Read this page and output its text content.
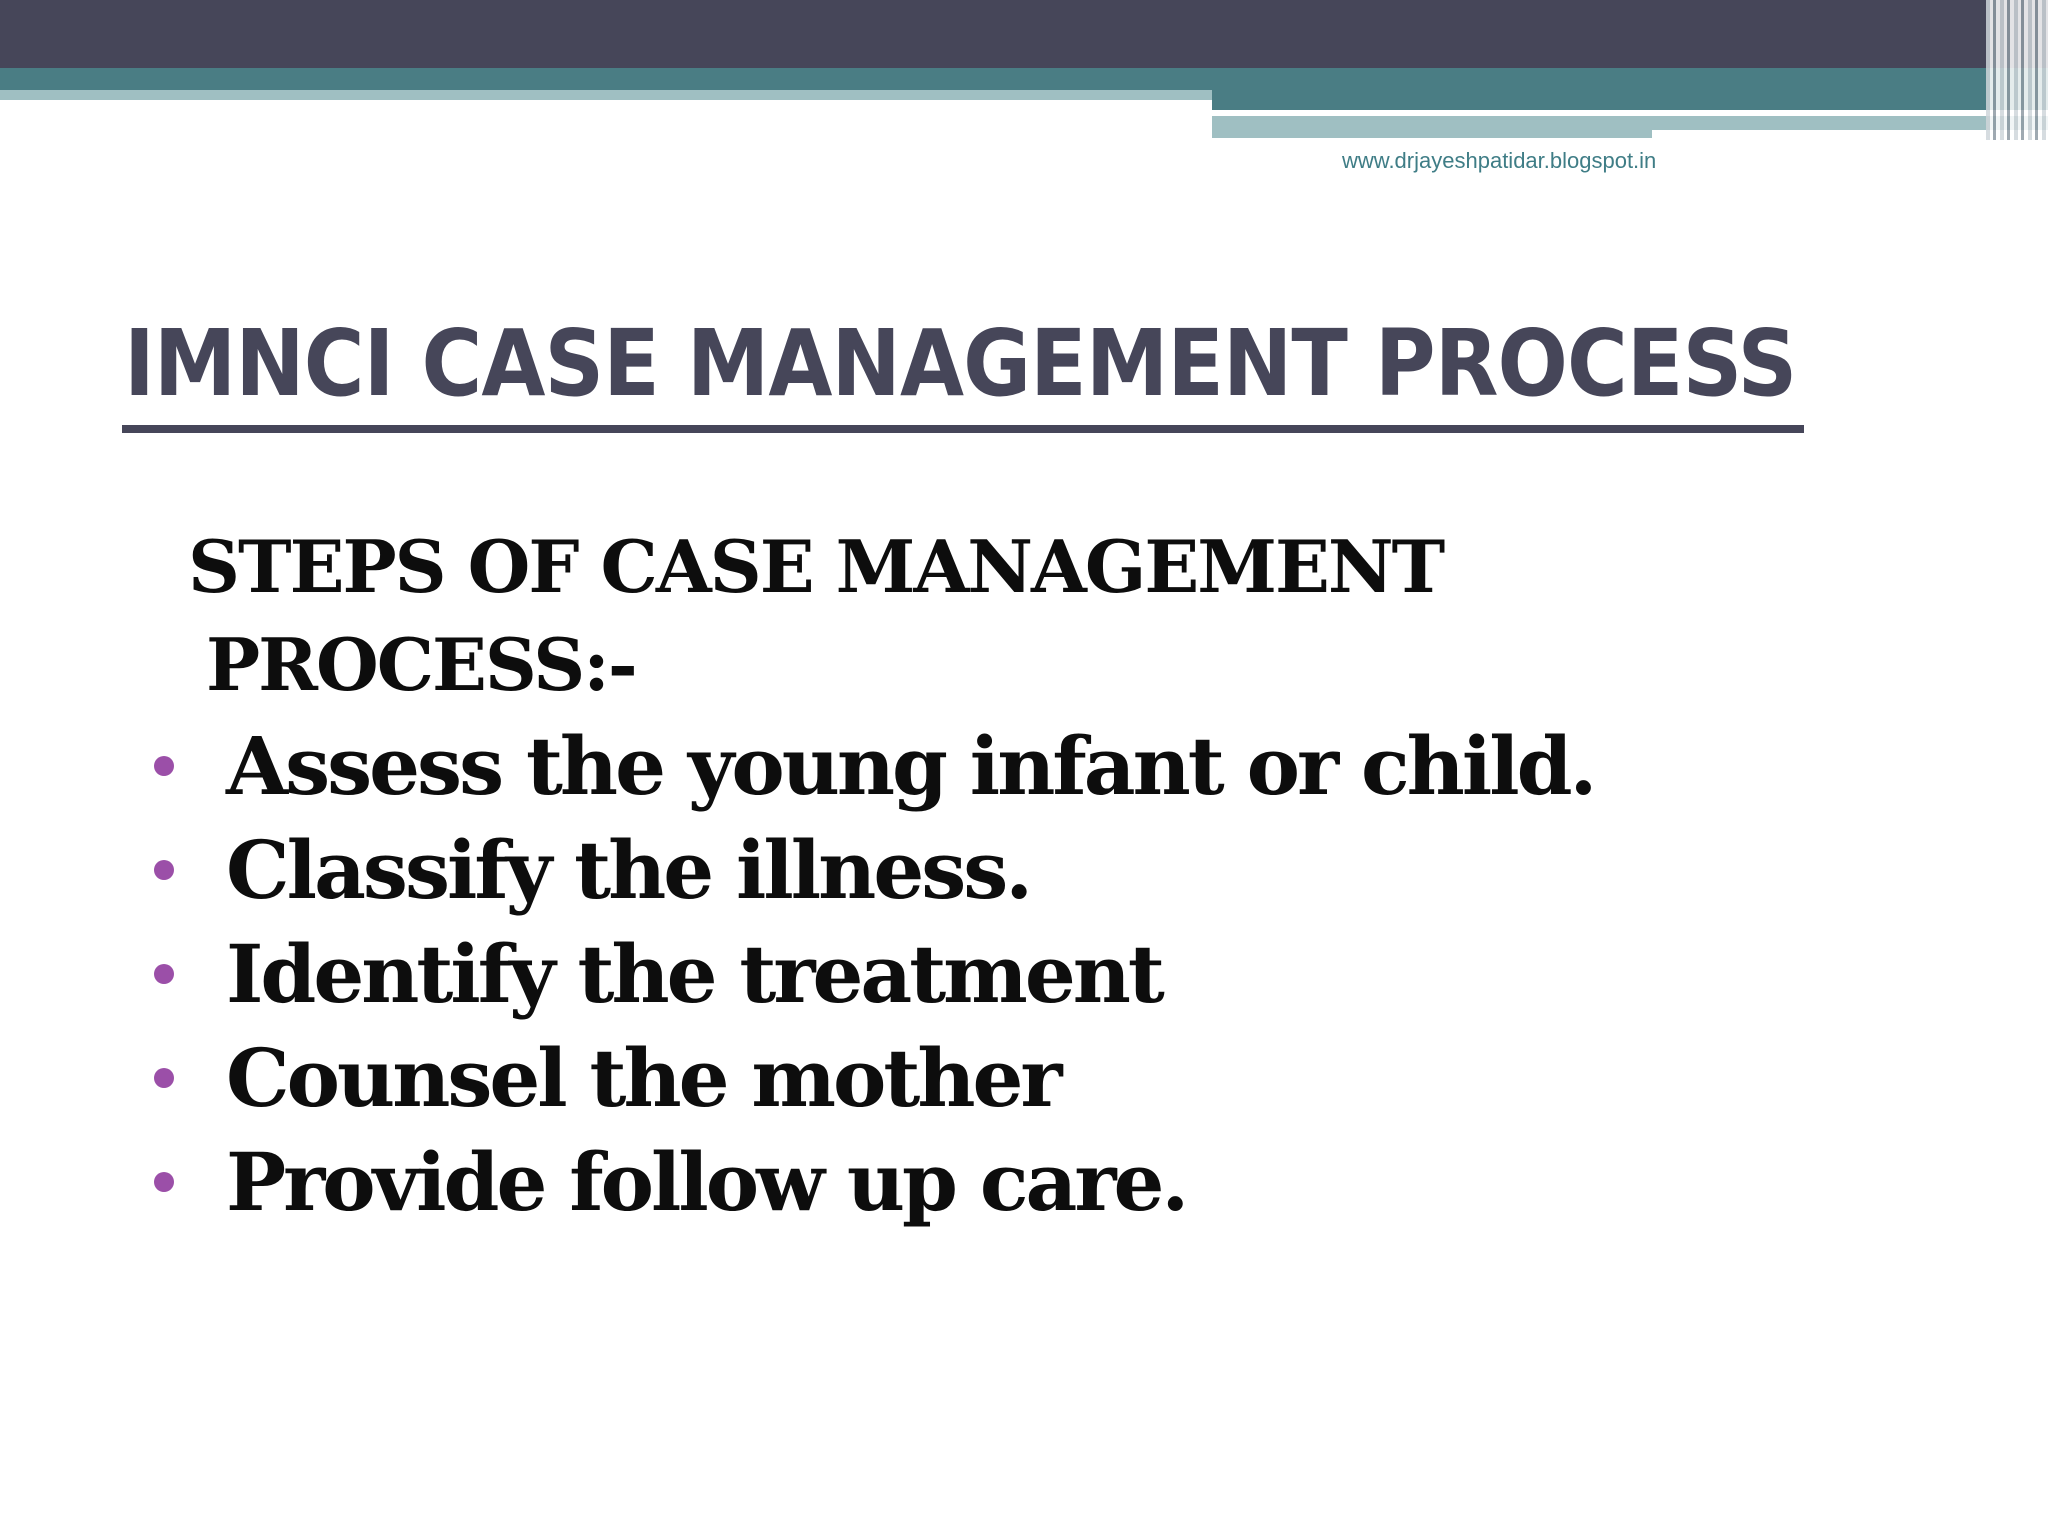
www.drjayeshpatidar.blogspot.in
IMNCI CASE MANAGEMENT PROCESS

STEPS OF CASE MANAGEMENT
PROCESS:-

Assess the young infant or child.
Classify the illness.
Identify the treatment
Counsel the mother
Provide follow up care.
